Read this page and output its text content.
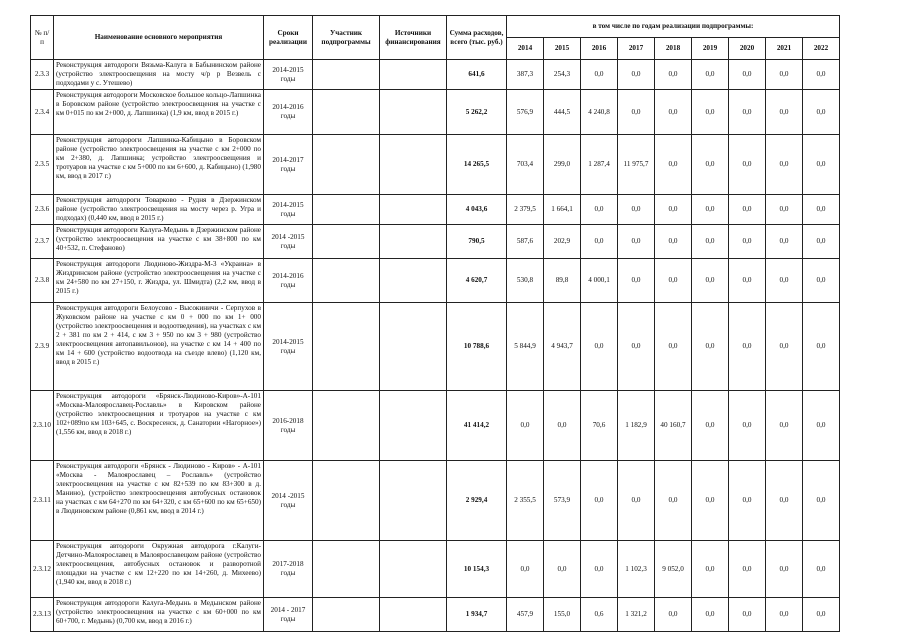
№ п/п	Наименование основного мероприятия	Сроки реализации	Участник подпрограммы	Источники финансирования	Сумма расходов, всего (тыс. руб.)	в том числе по годам реализации подпрограммы:								
						2014	2015	2016	2017	2018	2019	2020	2021	2022
2.3.3	Реконструкция автодороги Вязьма-Калуга в Бабынинском районе (устройство электроосвещения на мосту ч/р р Везвель с подходами у с. Утешево)	2014-2015 годы			641,6	387,3	254,3	0,0	0,0	0,0	0,0	0,0	0,0	0,0
2.3.4	Реконструкция автодороги Московское большое кольцо-Лапшинка в Боровском районе (устройство электроосвещения на участке с км 0+015 по км 2+000, д. Лапшинка) (1,9 км, ввод в 2015 г.)	2014-2016 годы			5 262,2	576,9	444,5	4 240,8	0,0	0,0	0,0	0,0	0,0	0,0
2.3.5	Реконструкция автодороги Лапшинка-Кабицыно в Боровском районе (устройство электроосвещения на участке с км 2+000 по км 2+380, д. Лапшинка; устройство электроосвещения и тротуаров на участке с км 5+000 по км 6+600, д. Кабицыно) (1,980 км, ввод в 2017 г.)	2014-2017 годы			14 265,5	703,4	299,0	1 287,4	11 975,7	0,0	0,0	0,0	0,0	0,0
2.3.6	Реконструкция автодороги Товарково - Рудня в Дзержинском районе (устройство электроосвещения на мосту через р. Угра и подходах) (0,440 км, ввод в 2015 г.)	2014-2015 годы			4 043,6	2 379,5	1 664,1	0,0	0,0	0,0	0,0	0,0	0,0	0,0
2.3.7	Реконструкция автодороги Калуга-Медынь в Дзержинском районе (устройство электроосвещения на участке с км 38+800 по км 40+532, п. Стефаново)	2014 -2015 годы			790,5	587,6	202,9	0,0	0,0	0,0	0,0	0,0	0,0	0,0
2.3.8	Реконструкция автодороги Людиново-Жиздра-М-3 «Украина» в Жиздринском районе (устройство электроосвещения на участке с км 24+580 по км 27+150, г. Жиздра, ул. Шмидта) (2,2 км, ввод в 2015 г.)	2014-2016 годы			4 620,7	530,8	89,8	4 000,1	0,0	0,0	0,0	0,0	0,0	0,0
2.3.9	Реконструкция автодороги Белоусово - Высокиничи - Серпухов в Жуковском районе на участке с км 0 + 000 по км 1+ 000 (устройство электроосвещения и водоотведения), на участках с км 2 + 381 по км 2 + 414, с км 3 + 950 по км 3 + 980 (устройство электроосвещения автопавильонов), на участке с км 14 + 400 по км 14 + 600 (устройство водоотвода на съезде влево) (1,120 км, ввод в 2015 г.)	2014-2015 годы			10 788,6	5 844,9	4 943,7	0,0	0,0	0,0	0,0	0,0	0,0	0,0
2.3.10	Реконструкция автодороги «Брянск-Людиново-Киров»-А-101 «Москва-Малоярославец-Рославль» в Кировском районе (устройство электроосвещения и тротуаров на участке с км 102+089по км 103+645, с. Воскресенск, д. Санатории «Нагорное») (1,556 км, ввод в 2018 г.)	2016-2018 годы			41 414,2	0,0	0,0	70,6	1 182,9	40 160,7	0,0	0,0	0,0	0,0
2.3.11	Реконструкция автодороги «Брянск - Людиново - Киров» - А-101 «Москва - Малоярославец – Рославль» (устройство электроосвещения на участке с км 82+539 по км 83+300 в д. Манино), (устройство электроосвещения автобусных остановок на участках с км 64+270 по км 64+320, с км 65+600 по км 65+650) в Людиновском районе (0,861 км, ввод в 2014 г.)	2014 -2015 годы			2 929,4	2 355,5	573,9	0,0	0,0	0,0	0,0	0,0	0,0	0,0
2.3.12	Реконструкция автодороги Окружная автодорога г.Калуги-Детчино-Малоярославец в Малоярославецком районе (устройство электроосвещения, автобусных остановок и разворотной площадки на участке с км 12+220 по км 14+260, д. Михеево) (1,940 км, ввод в 2018 г.)	2017-2018 годы			10 154,3	0,0	0,0	0,0	1 102,3	9 052,0	0,0	0,0	0,0	0,0
2.3.13	Реконструкция автодороги Калуга-Медынь в Медынском районе (устройство электроосвещения на участке с км 60+000 по км 60+700, г. Медынь) (0,700 км, ввод в 2016 г.)	2014 - 2017 годы			1 934,7	457,9	155,0	0,6	1 321,2	0,0	0,0	0,0	0,0	0,0
